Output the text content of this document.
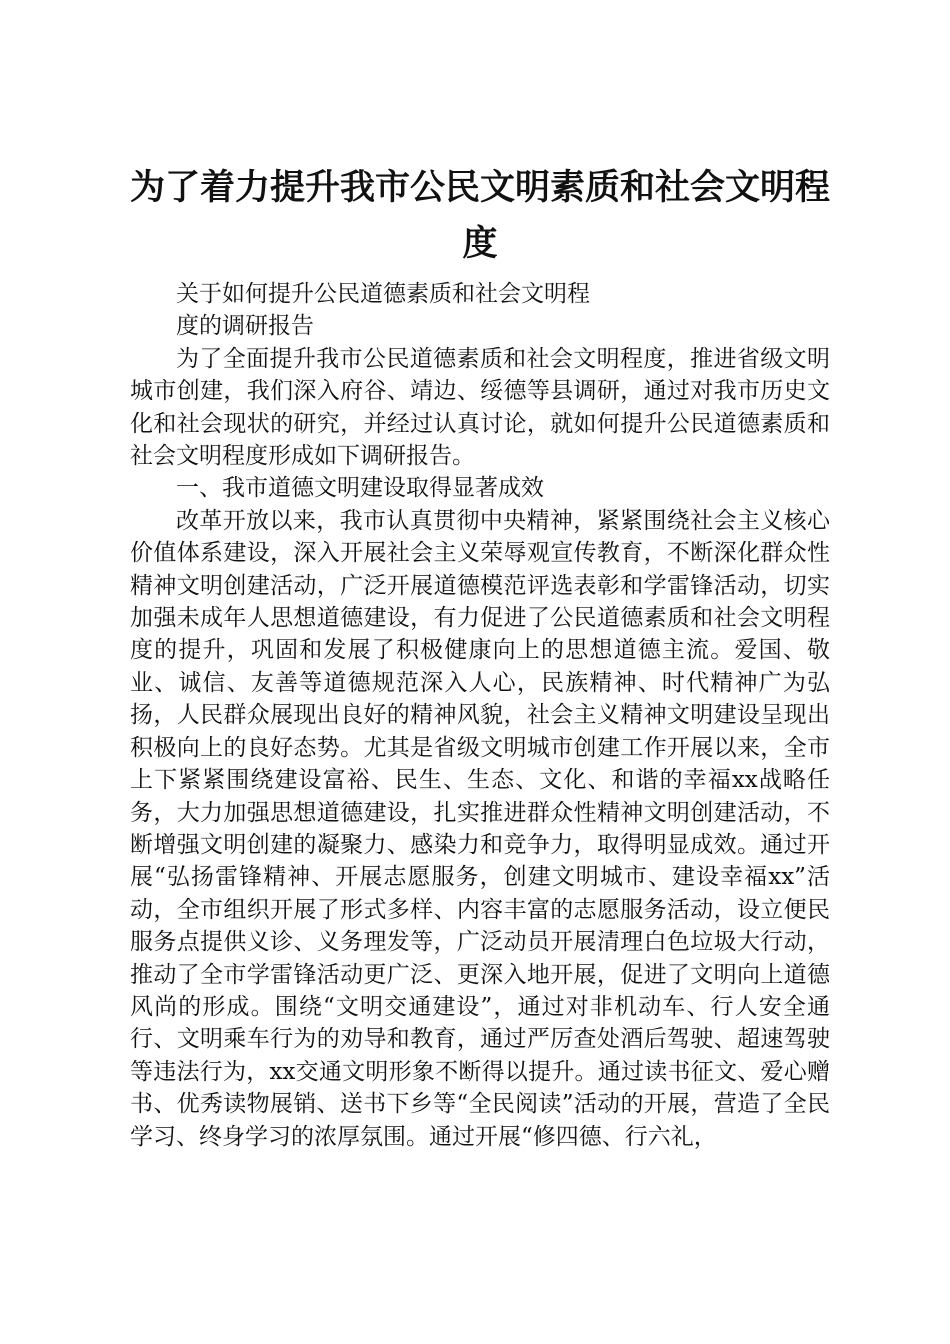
为了着力提升我市公民文明素质和社会文明程度

关于如何提升公民道德素质和社会文明程

度的调研报告

为了全面提升我市公民道德素质和社会文明程度，推进省级文明城市创建，我们深入府谷、靖边、绥德等县调研，通过对我市历史文化和社会现状的研究，并经过认真讨论，就如何提升公民道德素质和社会文明程度形成如下调研报告。

一、我市道德文明建设取得显著成效

改革开放以来，我市认真贯彻中央精神，紧紧围绕社会主义核心价值体系建设，深入开展社会主义荣辱观宣传教育，不断深化群众性精神文明创建活动，广泛开展道德模范评选表彰和学雷锋活动，切实加强未成年人思想道德建设，有力促进了公民道德素质和社会文明程度的提升，巩固和发展了积极健康向上的思想道德主流。爱国、敬业、诚信、友善等道德规范深入人心，民族精神、时代精神广为弘扬，人民群众展现出良好的精神风貌，社会主义精神文明建设呈现出积极向上的良好态势。尤其是省级文明城市创建工作开展以来，全市上下紧紧围绕建设富裕、民生、生态、文化、和谐的幸福xx战略任务，大力加强思想道德建设，扎实推进群众性精神文明创建活动，不断增强文明创建的凝聚力、感染力和竞争力，取得明显成效。通过开展“弘扬雷锋精神、开展志愿服务，创建文明城市、建设幸福xx”活动，全市组织开展了形式多样、内容丰富的志愿服务活动，设立便民服务点提供义诊、义务理发等，广泛动员开展清理白色垃圾大行动，推动了全市学雷锋活动更广泛、更深入地开展，促进了文明向上道德风尚的形成。围绕“文明交通建设”，通过对非机动车、行人安全通行、文明乘车行为的劝导和教育，通过严厉查处酒后驾驶、超速驾驶等违法行为，xx交通文明形象不断得以提升。通过读书征文、爱心赠书、优秀读物展销、送书下乡等“全民阅读”活动的开展，营造了全民学习、终身学习的浓厚氛围。通过开展“修四德、行六礼，
